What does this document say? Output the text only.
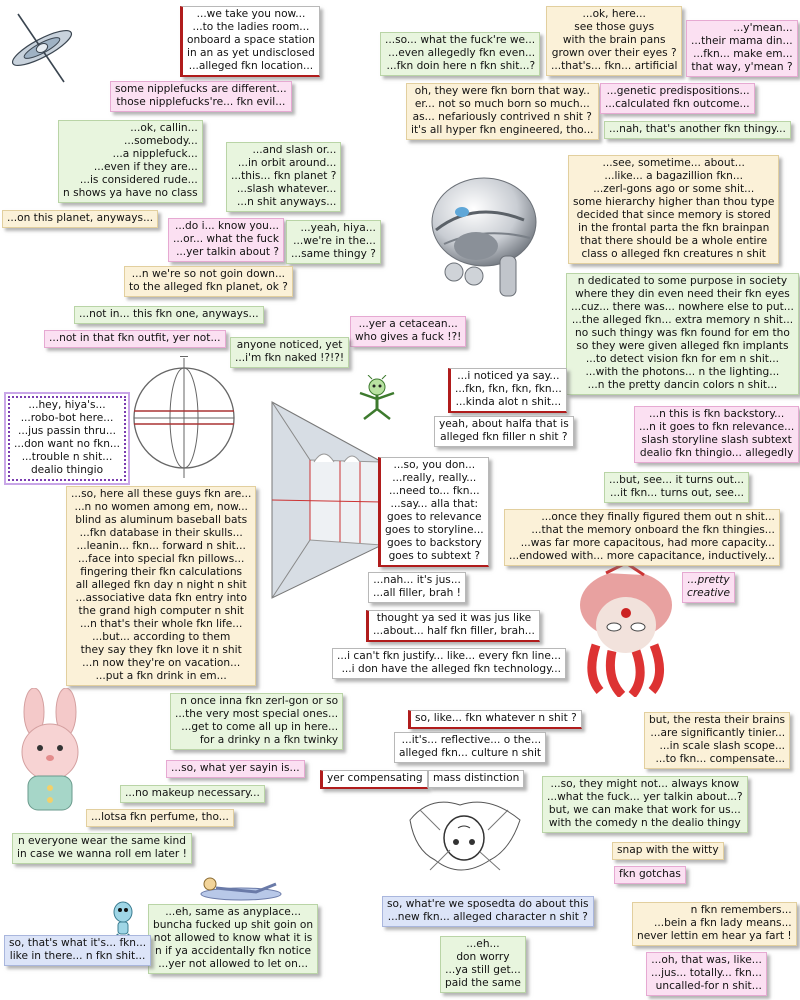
...we take you now...
...to the ladies room...
onboard a space station
in an as yet undisclosed
...alleged fkn location...
...so... what the fuck're we...
...even allegedly fkn even...
...fkn doin here n fkn shit...?
...ok, here...
see those guys
with the brain pans
grown over their eyes ?
...that's... fkn... artificial
...y'mean...
...their mama din...
...fkn... make em...
that way, y'mean ?
some nipplefucks are different...
those nipplefucks're... fkn evil...
oh, they were fkn born that way..
er... not so much born so much...
as... nefariously contrived n shit ?
it's all hyper fkn engineered, tho...
...genetic predispositions...
...calculated fkn outcome...
...nah, that's another fkn thingy...
...ok, callin...
...somebody...
...a nipplefuck...
...even if they are...
...is considered rude...
n shows ya have no class
...and slash or...
...in orbit around...
...this... fkn planet ?
...slash whatever...
...n shit anyways...
...see, sometime... about...
...like... a bagazillion fkn...
...zerl-gons ago or some shit...
some hierarchy higher than thou type
decided that since memory is stored
in the frontal parta the fkn brainpan
that there should be a whole entire
class o alleged fkn creatures n shit
...on this planet, anyways...
...do i... know you...
...or... what the fuck
...yer talkin about ?
...yeah, hiya...
...we're in the...
...same thingy ?
...n we're so not goin down...
to the alleged fkn planet, ok ?	n dedicated to some purpose in society
where they din even need their fkn eyes
...cuz... there was... nowhere else to put...
...the alleged fkn... extra memory n shit...
no such thingy was fkn found for em tho
so they were given alleged fkn implants
...to detect vision fkn for em n shit...
...with the photons... n the lighting...
...n the pretty dancin colors n shit...
...not in... this fkn one, anyways...
...not in that fkn outfit, yer not...
...yer a cetacean...
who gives a fuck !?!
anyone noticed, yet
...i'm fkn naked !?!?!
...hey, hiya's...
...robo-bot here...
...jus passin thru...
...don want no fkn...
...trouble n shit...
dealio thingio
...i noticed ya say...
...fkn, fkn, fkn, fkn...
...kinda alot n shit...
...n this is fkn backstory...
...n it goes to fkn relevance...
slash storyline slash subtext
dealio fkn thingio... allegedly
yeah, about halfa that is
alleged fkn filler n shit ?
...so, here all these guys fkn are...
...n no women among em, now...
blind as aluminum baseball bats
...fkn database in their skulls...
...leanin... fkn... forward n shit...
...face into special fkn pillows...
fingering their fkn calculations
all alleged fkn day n night n shit
...associative data fkn entry into
the grand high computer n shit
...n that's their whole fkn life...
...but... according to them
they say they fkn love it n shit
...n now they're on vacation...
...put a fkn drink in em...
...so, you don...
...really, really...
...need to... fkn...
...say... alla that:
goes to relevance
goes to storyline...
goes to backstory
goes to subtext ?
...but, see... it turns out...
...it fkn... turns out, see...
...once they finally figured them out n shit...
...that the memory onboard the fkn thingies...
...was far more capacitous, had more capacity...
...endowed with... more capacitance, inductively...
...nah... it's jus...
...all filler, brah !
...pretty
creative
thought ya sed it was jus like
...about... half fkn filler, brah...
...i can't fkn justify... like... every fkn line...
...i don have the alleged fkn technology...
n once inna fkn zerl-gon or so
...the very most special ones...
...get to come all up in here...
for a drinky n a fkn twinky
...so, what yer sayin is...
...no makeup necessary...
...lotsa fkn perfume, tho...
n everyone wear the same kind
in case we wanna roll em later !
so, like... fkn whatever n shit ?
...it's... reflective... o the...
alleged fkn... culture n shit
yer compensating mass distinction
but, the resta their brains
...are significantly tinier...
...in scale slash scope...
...to fkn... compensate...
...so, they might not... always know
...what the fuck... yer talkin about...?
but, we can make that work for us...
with the comedy n the dealio thingy
snap with the witty
fkn gotchas
so, what're we sposedta do about this
...new fkn... alleged character n shit ?
...eh, same as anyplace...
buncha fucked up shit goin on
not allowed to know what it is
n if ya accidentally fkn notice
...yer not allowed to let on...
so, that's what it's... fkn...
like in there... n fkn shit...
...eh...
don worry
...ya still get...
paid the same
n fkn remembers...
...bein a fkn lady means...
never lettin em hear ya fart !
...oh, that was, like...
...jus... totally... fkn...
uncalled-for n shit...
